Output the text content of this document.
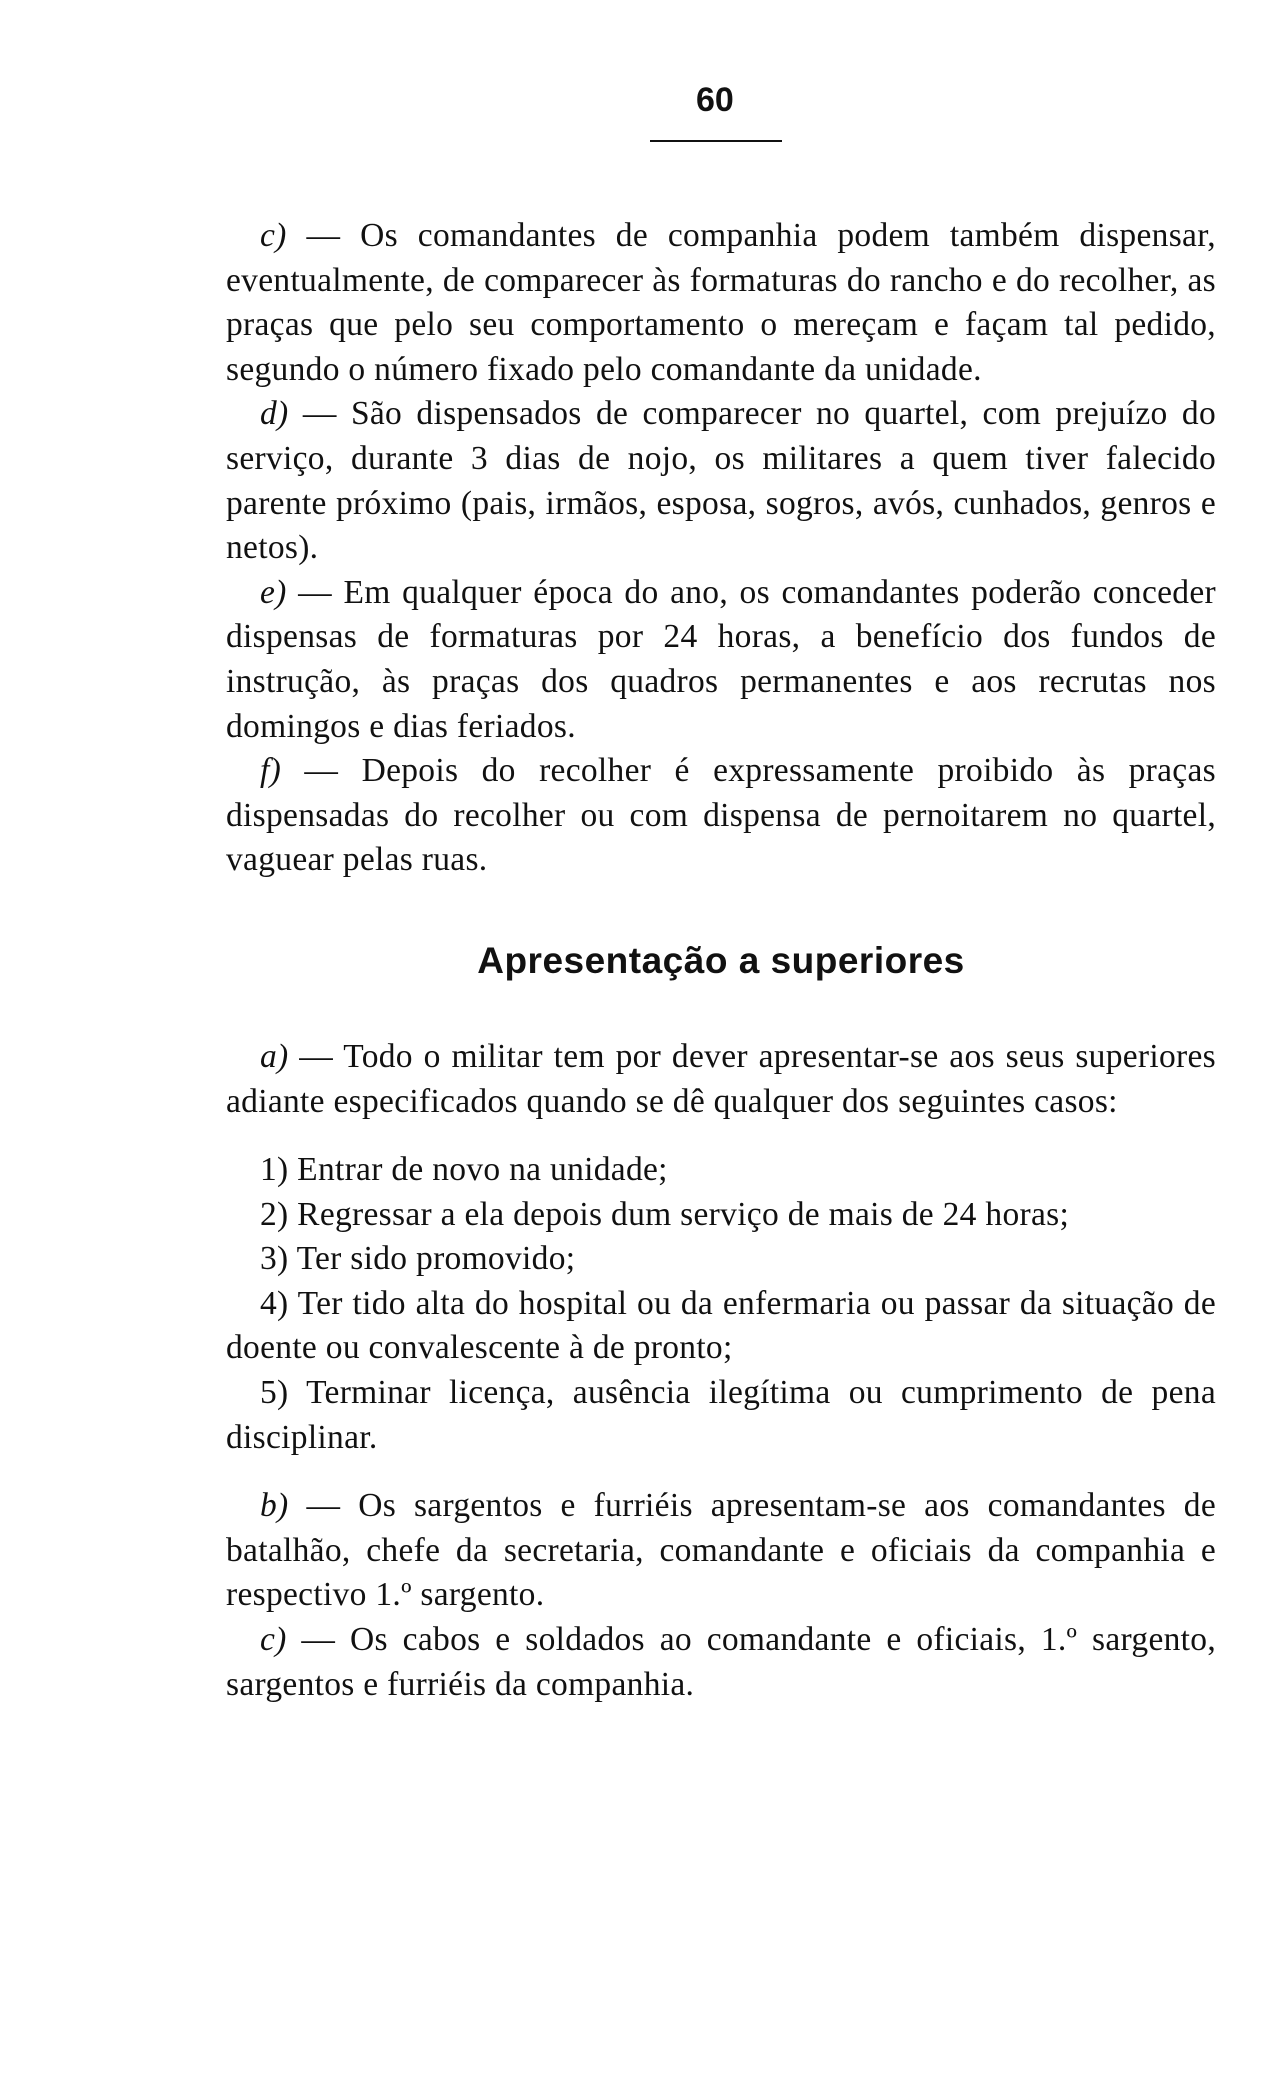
60

c) — Os comandantes de companhia podem também dispensar, eventualmente, de comparecer às formaturas do rancho e do recolher, as praças que pelo seu comportamento o mereçam e façam tal pedido, segundo o número fixado pelo comandante da unidade.

d) — São dispensados de comparecer no quartel, com prejuízo do serviço, durante 3 dias de nojo, os militares a quem tiver falecido parente próximo (pais, irmãos, esposa, sogros, avós, cunhados, genros e netos).

e) — Em qualquer época do ano, os comandantes poderão conceder dispensas de formaturas por 24 horas, a benefício dos fundos de instrução, às praças dos quadros permanentes e aos recrutas nos domingos e dias feriados.

f) — Depois do recolher é expressamente proibido às praças dispensadas do recolher ou com dispensa de pernoitarem no quartel, vaguear pelas ruas.

Apresentação a superiores

a) — Todo o militar tem por dever apresentar-se aos seus superiores adiante especificados quando se dê qualquer dos seguintes casos:

1) Entrar de novo na unidade;

2) Regressar a ela depois dum serviço de mais de 24 horas;

3) Ter sido promovido;

4) Ter tido alta do hospital ou da enfermaria ou passar da situação de doente ou convalescente à de pronto;

5) Terminar licença, ausência ilegítima ou cumprimento de pena disciplinar.

b) — Os sargentos e furriéis apresentam-se aos comandantes de batalhão, chefe da secretaria, comandante e oficiais da companhia e respectivo 1.º sargento.

c) — Os cabos e soldados ao comandante e oficiais, 1.º sargento, sargentos e furriéis da companhia.
